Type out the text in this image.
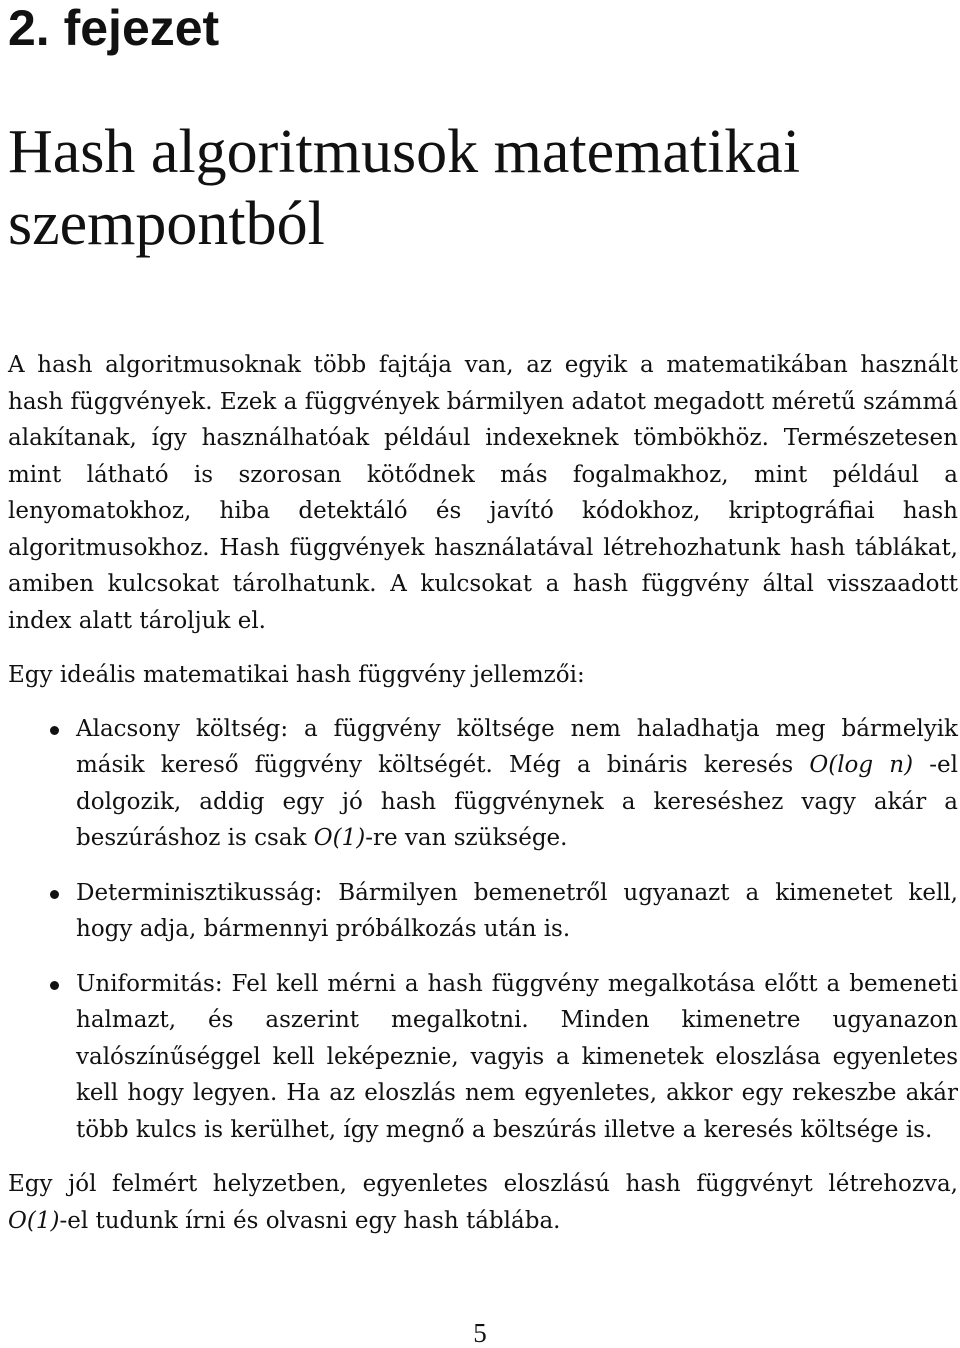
2. fejezet
Hash algoritmusok matematikai szempontból

A hash algoritmusoknak több fajtája van, az egyik a matematikában használt hash függvények. Ezek a függvények bármilyen adatot megadott méretű számmá alakítanak, így használhatóak például indexeknek tömbökhöz. Természetesen mint látható is szorosan kötődnek más fogalmakhoz, mint például a lenyomatokhoz, hiba detektáló és javító kódokhoz, kriptográfiai hash algoritmusokhoz. Hash függvények használatával létrehozhatunk hash táblákat, amiben kulcsokat tárolhatunk. A kulcsokat a hash függvény által visszaadott index alatt tároljuk el.

Egy ideális matematikai hash függvény jellemzői:

Alacsony költség: a függvény költsége nem haladhatja meg bármelyik másik kereső függvény költségét. Még a bináris keresés O(log n) -el dolgozik, addig egy jó hash függvénynek a kereséshez vagy akár a beszúráshoz is csak O(1)-re van szüksége.
Determinisztikusság: Bármilyen bemenetről ugyanazt a kimenetet kell, hogy adja, bármennyi próbálkozás után is.
Uniformitás: Fel kell mérni a hash függvény megalkotása előtt a bemeneti halmazt, és aszerint megalkotni. Minden kimenetre ugyanazon valószínűséggel kell leképeznie, vagyis a kimenetek eloszlása egyenletes kell hogy legyen. Ha az eloszlás nem egyenletes, akkor egy rekeszbe akár több kulcs is kerülhet, így megnő a beszúrás illetve a keresés költsége is.

Egy jól felmért helyzetben, egyenletes eloszlású hash függvényt létrehozva, O(1)-el tudunk írni és olvasni egy hash táblába.

5
